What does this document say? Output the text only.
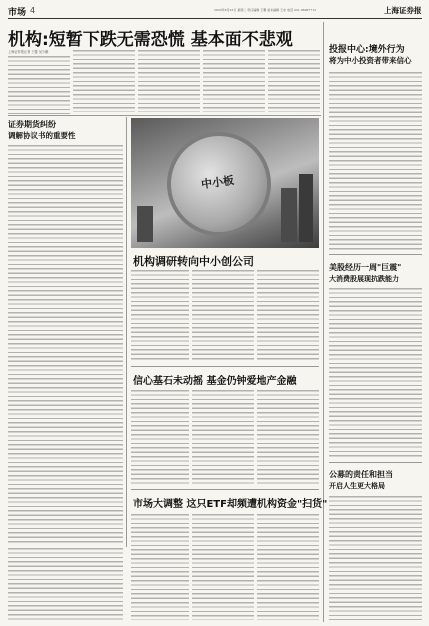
市场 4	2020年8月25日 星期二 责任编辑 王馨 美术编辑 王东 电话 021-38967712	上海证券报
机构:短暂下跌无需恐慌 基本面不悲观
上海证券报记者 王馨 吴少鹏	投报中心:境外行为
将为中小投资者带来信心
证券期货纠纷
调解协议书的重要性
中小板
机构调研转向中小创公司	美股经历一周"巨震"
大消费股展现抗跌能力
信心基石未动摇 基金仍钟爱地产金融
市场大调整 这只ETF却频遭机构资金"扫货"
公募的责任和担当
开启人生更大格局
